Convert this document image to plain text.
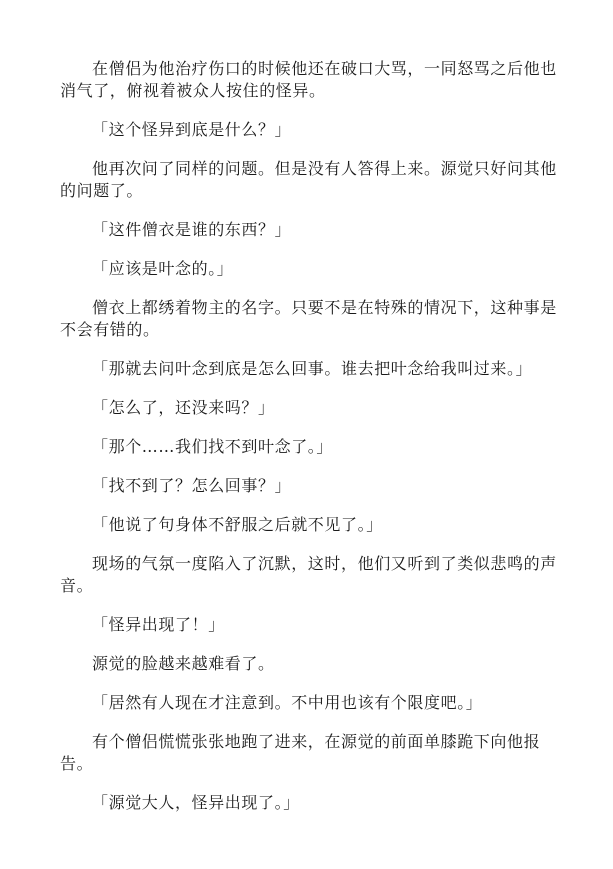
在僧侣为他治疗伤口的时候他还在破口大骂，一同怒骂之后他也消气了，俯视着被众人按住的怪异。

「这个怪异到底是什么？」

他再次问了同样的问题。但是没有人答得上来。源觉只好问其他的问题了。

「这件僧衣是谁的东西？」

「应该是叶念的。」

僧衣上都绣着物主的名字。只要不是在特殊的情况下，这种事是不会有错的。

「那就去问叶念到底是怎么回事。谁去把叶念给我叫过来。」

「怎么了，还没来吗？」

「那个……我们找不到叶念了。」

「找不到了？怎么回事？」

「他说了句身体不舒服之后就不见了。」

现场的气氛一度陷入了沉默，这时，他们又听到了类似悲鸣的声音。

「怪异出现了！」

源觉的脸越来越难看了。

「居然有人现在才注意到。不中用也该有个限度吧。」

有个僧侣慌慌张张地跑了进来，在源觉的前面单膝跪下向他报告。

「源觉大人，怪异出现了。」
